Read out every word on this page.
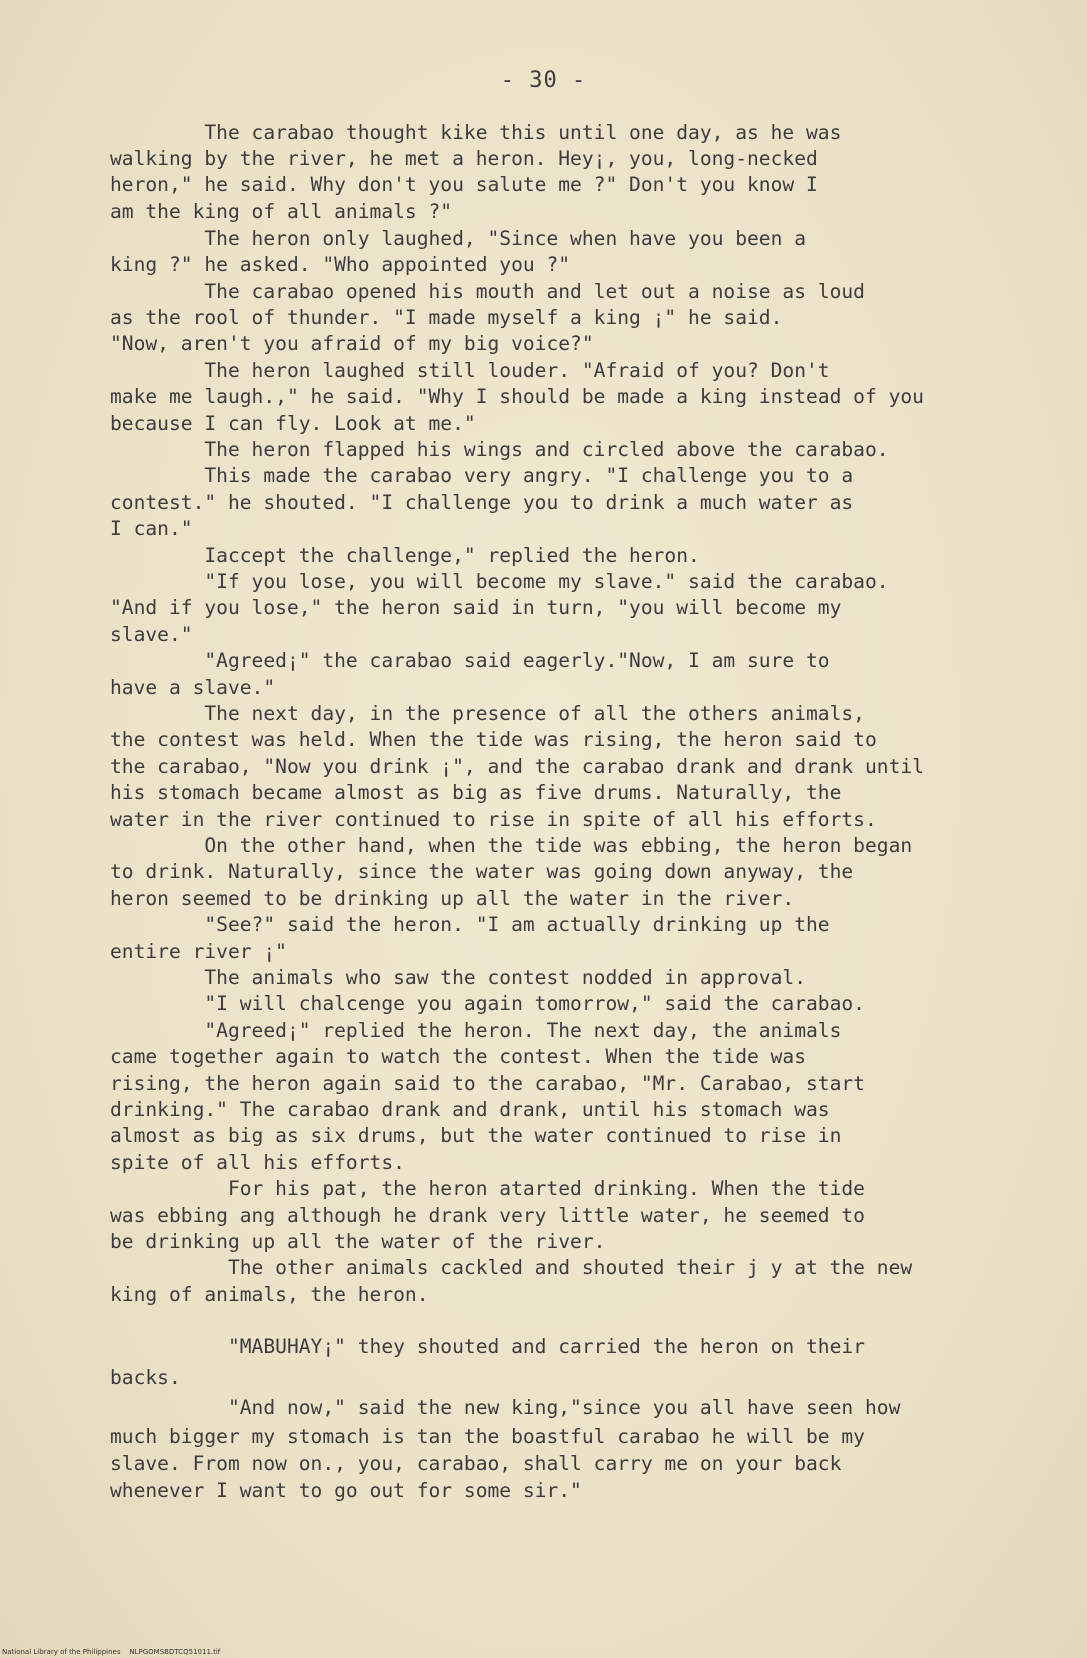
- 30 -
The carabao thought kike this until one day, as he was
walking by the river, he met a heron. Hey¡, you, long-necked
heron," he said. Why don't you salute me ?" Don't you know I
am the king of all animals ?"
The heron only laughed, "Since when have you been a
king ?" he asked. "Who appointed you ?"
The carabao opened his mouth and let out a noise as loud
as the rool of thunder. "I made myself a king ¡" he said.
"Now, aren't you afraid of my big voice?"
The heron laughed still louder. "Afraid of you? Don't
make me laugh.," he said. "Why I should be made a king instead of you
because I can fly. Look at me."
The heron flapped his wings and circled above the carabao.
This made the carabao very angry. "I challenge you to a
contest." he shouted. "I challenge you to drink a much water as
I can."
Iaccept the challenge," replied the heron.
"If you lose, you will become my slave." said the carabao.
"And if you lose," the heron said in turn, "you will become my
slave."
"Agreed¡" the carabao said eagerly."Now, I am sure to
have a slave."
The next day, in the presence of all the others animals,
the contest was held. When the tide was rising, the heron said to
the carabao, "Now you drink ¡", and the carabao drank and drank until
his stomach became almost as big as five drums. Naturally, the
water in the river continued to rise in spite of all his efforts.
On the other hand, when the tide was ebbing, the heron began
to drink. Naturally, since the water was going down anyway, the
heron seemed to be drinking up all the water in the river.
"See?" said the heron. "I am actually drinking up the
entire river ¡"
The animals who saw the contest nodded in approval.
"I will chalcenge you again tomorrow," said the carabao.
"Agreed¡" replied the heron. The next day, the animals
came together again to watch the contest. When the tide was
rising, the heron again said to the carabao, "Mr. Carabao, start
drinking." The carabao drank and drank, until his stomach was
almost as big as six drums, but the water continued to rise in
spite of all his efforts.
For his pat, the heron atarted drinking. When the tide
was ebbing ang although he drank very little water, he seemed to
be drinking up all the water of the river.
The other animals cackled and shouted their j y at the new
king of animals, the heron.
"MABUHAY¡" they shouted and carried the heron on their
backs.
"And now," said the new king,"since you all have seen how
much bigger my stomach is tan the boastful carabao he will be my
slave. From now on., you, carabao, shall carry me on your back
whenever I want to go out for some sir."
National Library of the Philippines    NLPGOMSBDTCQ51011.tif
